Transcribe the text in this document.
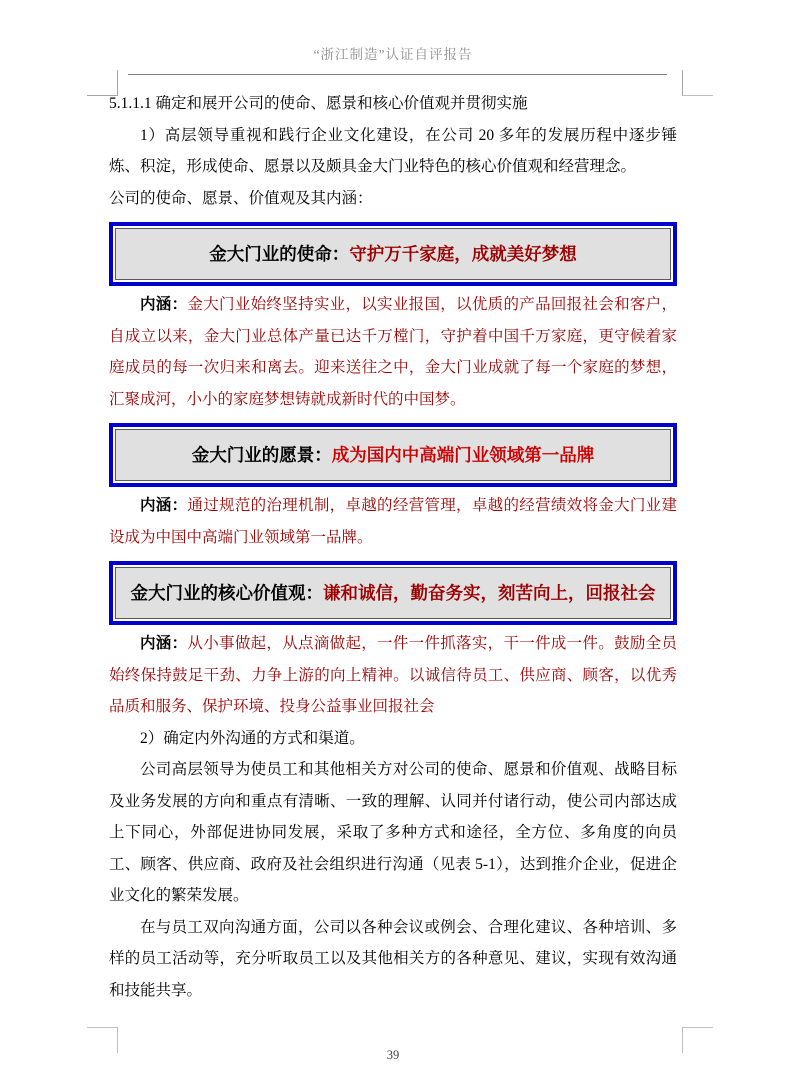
“浙江制造”认证自评报告

5.1.1.1 确定和展开公司的使命、愿景和核心价值观并贯彻实施

1）高层领导重视和践行企业文化建设，在公司 20 多年的发展历程中逐步锤炼、积淀，形成使命、愿景以及颇具金大门业特色的核心价值观和经营理念。

公司的使命、愿景、价值观及其内涵：

金大门业的使命：守护万千家庭，成就美好梦想

内涵：金大门业始终坚持实业，以实业报国，以优质的产品回报社会和客户，自成立以来，金大门业总体产量已达千万樘门，守护着中国千万家庭，更守候着家庭成员的每一次归来和离去。迎来送往之中，金大门业成就了每一个家庭的梦想，汇聚成河，小小的家庭梦想铸就成新时代的中国梦。

金大门业的愿景：成为国内中高端门业领域第一品牌

内涵：通过规范的治理机制，卓越的经营管理，卓越的经营绩效将金大门业建设成为中国中高端门业领域第一品牌。

金大门业的核心价值观：谦和诚信，勤奋务实，刻苦向上，回报社会

内涵：从小事做起，从点滴做起，一件一件抓落实，干一件成一件。鼓励全员始终保持鼓足干劲、力争上游的向上精神。以诚信待员工、供应商、顾客，以优秀品质和服务、保护环境、投身公益事业回报社会

2）确定内外沟通的方式和渠道。

公司高层领导为使员工和其他相关方对公司的使命、愿景和价值观、战略目标及业务发展的方向和重点有清晰、一致的理解、认同并付诸行动，使公司内部达成上下同心，外部促进协同发展，采取了多种方式和途径，全方位、多角度的向员工、顾客、供应商、政府及社会组织进行沟通（见表 5-1），达到推介企业，促进企业文化的繁荣发展。

在与员工双向沟通方面，公司以各种会议或例会、合理化建议、各种培训、多样的员工活动等，充分听取员工以及其他相关方的各种意见、建议，实现有效沟通和技能共享。

39
